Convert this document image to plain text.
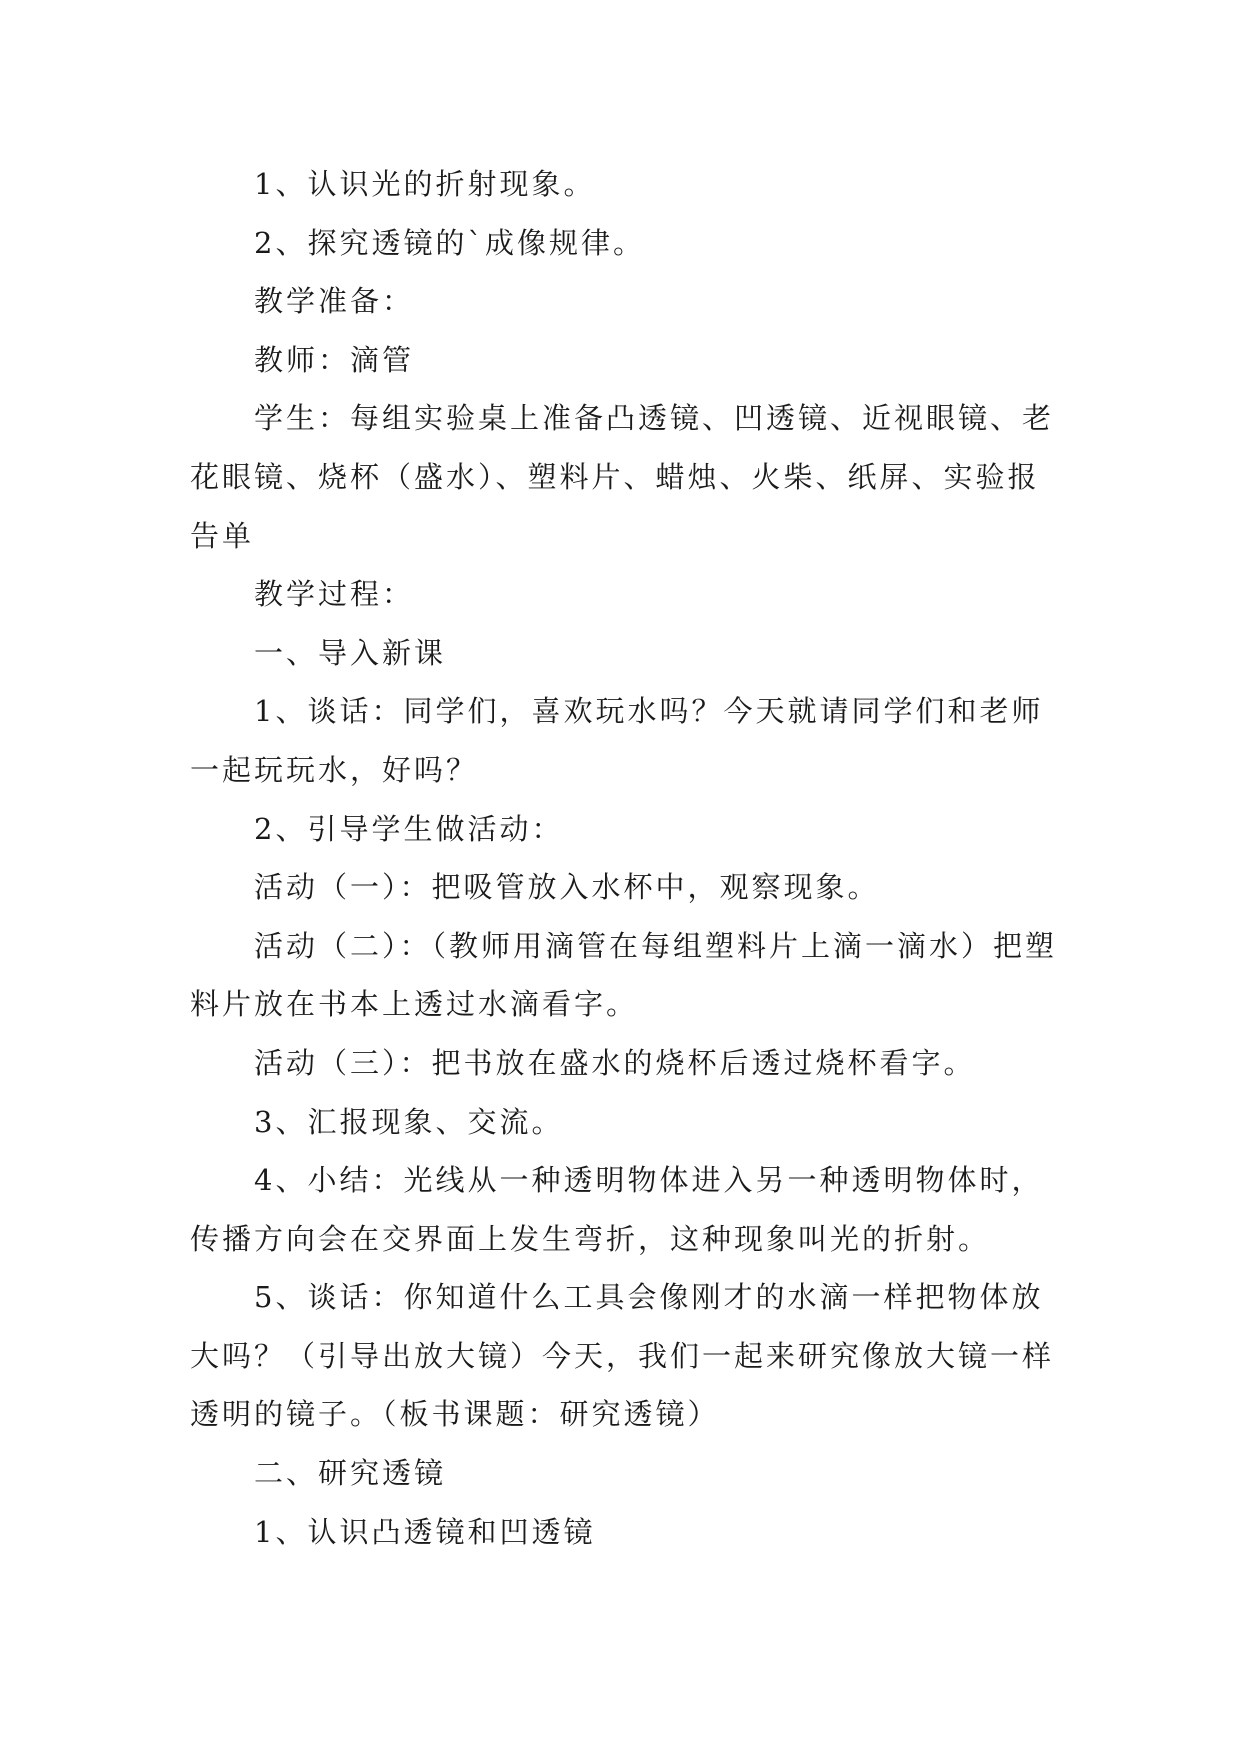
1、认识光的折射现象。

2、探究透镜的`成像规律。

教学准备：

教师：滴管

学生：每组实验桌上准备凸透镜、凹透镜、近视眼镜、老花眼镜、烧杯（盛水）、塑料片、蜡烛、火柴、纸屏、实验报告单

教学过程：

一、导入新课

1、谈话：同学们，喜欢玩水吗？今天就请同学们和老师一起玩玩水，好吗？

2、引导学生做活动：

活动（一）：把吸管放入水杯中，观察现象。

活动（二）：（教师用滴管在每组塑料片上滴一滴水）把塑料片放在书本上透过水滴看字。

活动（三）：把书放在盛水的烧杯后透过烧杯看字。

3、汇报现象、交流。

4、小结：光线从一种透明物体进入另一种透明物体时，传播方向会在交界面上发生弯折，这种现象叫光的折射。

5、谈话：你知道什么工具会像刚才的水滴一样把物体放大吗？（引导出放大镜）今天，我们一起来研究像放大镜一样透明的镜子。（板书课题：研究透镜）

二、研究透镜

1、认识凸透镜和凹透镜
